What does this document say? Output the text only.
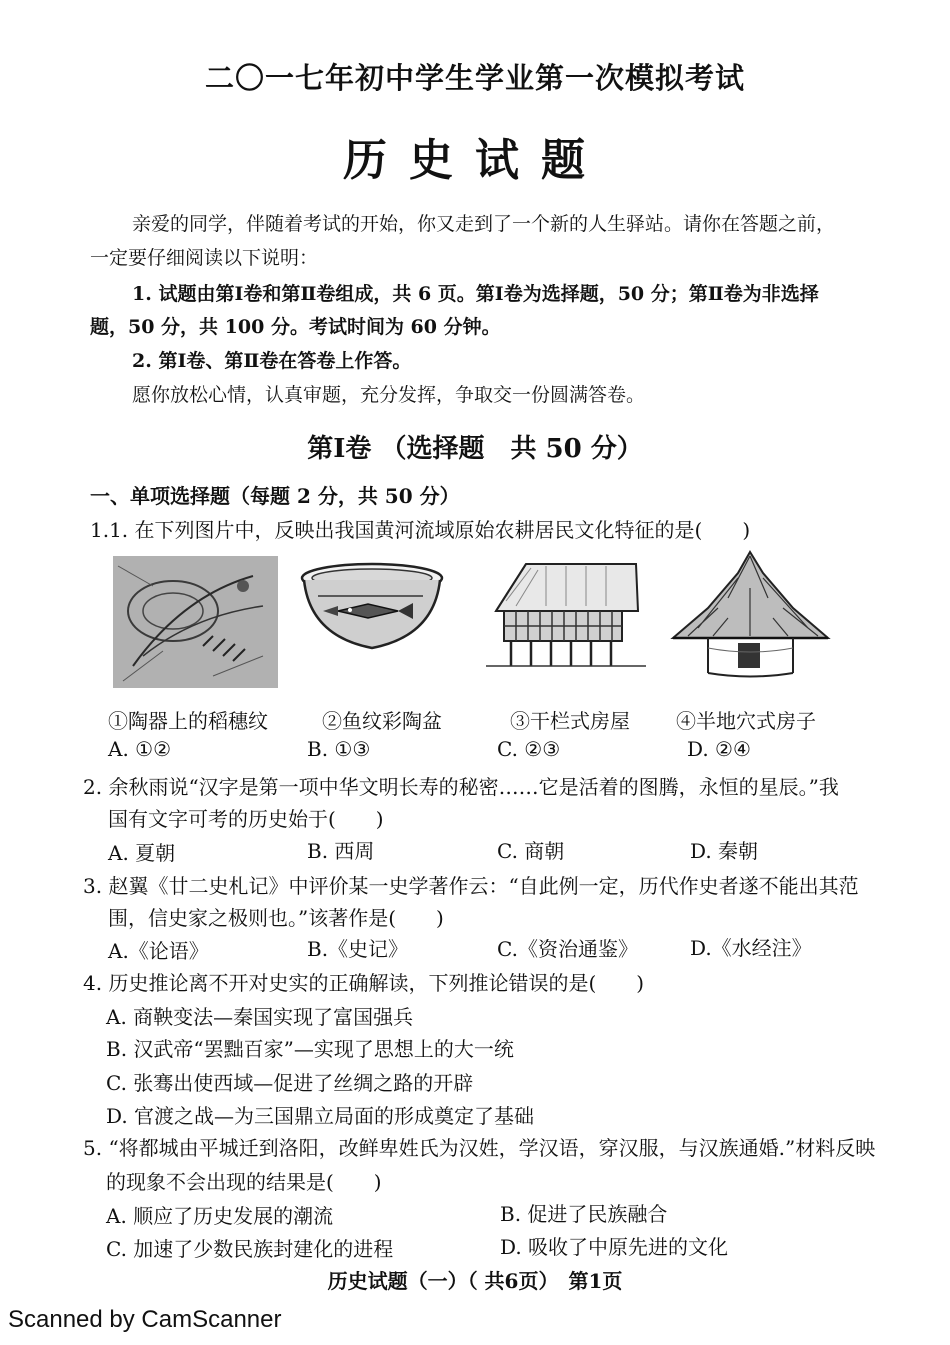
二〇一七年初中学生学业第一次模拟考试
历史试题
亲爱的同学，伴随着考试的开始，你又走到了一个新的人生驿站。请你在答题之前，
一定要仔细阅读以下说明：
1. 试题由第Ⅰ卷和第Ⅱ卷组成，共 6 页。第Ⅰ卷为选择题，50 分；第Ⅱ卷为非选择
题，50 分，共 100 分。考试时间为 60 分钟。
2. 第Ⅰ卷、第Ⅱ卷在答卷上作答。
愿你放松心情，认真审题，充分发挥，争取交一份圆满答卷。
第Ⅰ卷 （选择题　共 50 分）
一、单项选择题（每题 2 分，共 50 分）
1.1. 在下列图片中，反映出我国黄河流域原始农耕居民文化特征的是(　　)
①陶器上的稻穗纹	②鱼纹彩陶盆	③干栏式房屋 ④半地穴式房子
A. ①②	B. ①③	C. ②③	D. ②④
2. 余秋雨说“汉字是第一项中华文明长寿的秘密……它是活着的图腾，永恒的星辰。”我
国有文字可考的历史始于(　　)
A. 夏朝	B. 西周	C. 商朝	D. 秦朝
3. 赵翼《廿二史札记》中评价某一史学著作云：“自此例一定，历代作史者遂不能出其范
围，信史家之极则也。”该著作是(　　)
A.《论语》	B.《史记》	C.《资治通鉴》	D.《水经注》
4. 历史推论离不开对史实的正确解读，下列推论错误的是(　　)
A. 商鞅变法—秦国实现了富国强兵
B. 汉武帝“罢黜百家”—实现了思想上的大一统
C. 张骞出使西域—促进了丝绸之路的开辟
D. 官渡之战—为三国鼎立局面的形成奠定了基础
5. “将都城由平城迁到洛阳，改鲜卑姓氏为汉姓，学汉语，穿汉服，与汉族通婚.”材料反映
的现象不会出现的结果是(　　)
A. 顺应了历史发展的潮流	B. 促进了民族融合
C. 加速了少数民族封建化的进程	D. 吸收了中原先进的文化
历史试题（一）（ 共6页）　第1页
Scanned by CamScanner
